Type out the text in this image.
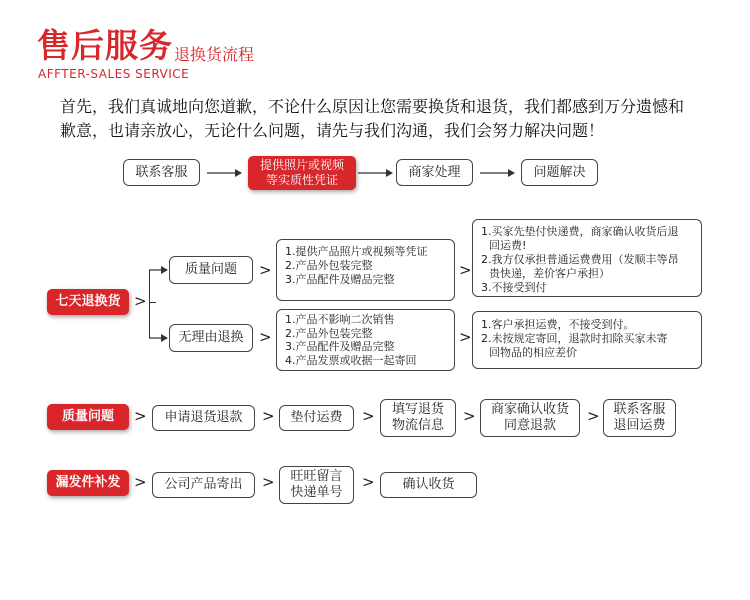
售后服务 退换货流程
AFFTER-SALES SERVICE
首先，我们真诚地向您道歉，不论什么原因让您需要换货和退货，我们都感到万分遗憾和
歉意，也请亲放心，无论什么问题，请先与我们沟通，我们会努力解决问题！
联系客服	提供照片或视频
等实质性凭证
商家处理	问题解决
七天退换货 >
质量问题	>
1.提供产品照片或视频等凭证
2.产品外包装完整
3.产品配件及赠品完整
>
1.买家先垫付快递费，商家确认收货后退
回运费!
2.我方仅承担普通运费费用（发顺丰等昂
贵快递，差价客户承担）
3.不接受到付
无理由退换	>
1.产品不影响二次销售
2.产品外包装完整
3.产品配件及赠品完整
4.产品发票或收据一起寄回
>
1.客户承担运费，不接受到付。
2.未按规定寄回，退款时扣除买家未寄
回物品的相应差价
质量问题	>	申请退货退款	>	垫付运费	>	填写退货
物流信息
>	商家确认收货
同意退款
>	联系客服
退回运费
漏发件补发 >	公司产品寄出	>	旺旺留言
快递单号
>	确认收货
